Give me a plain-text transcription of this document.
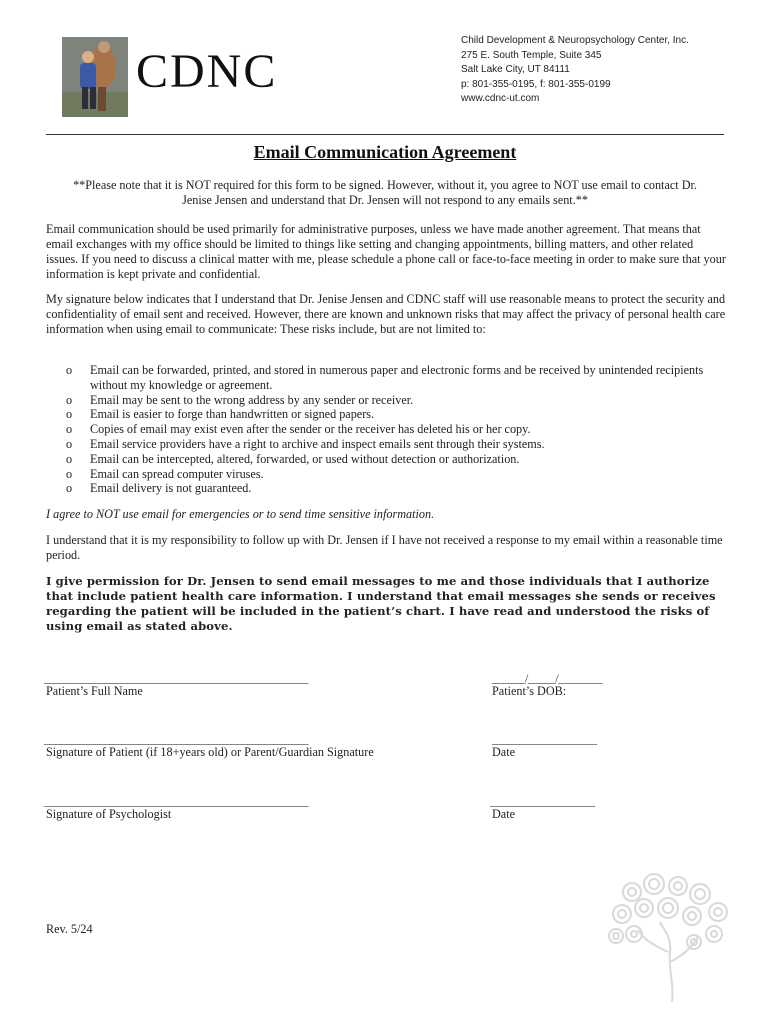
CDNC
Child Development & Neuropsychology Center, Inc.
275 E. South Temple, Suite 345
Salt Lake City, UT 84111
p: 801-355-0195, f: 801-355-0199
www.cdnc-ut.com
Email Communication Agreement
**Please note that it is NOT required for this form to be signed. However, without it, you agree to NOT use email to contact Dr. Jenise Jensen and understand that Dr. Jensen will not respond to any emails sent.**

Email communication should be used primarily for administrative purposes, unless we have made another agreement. That means that email exchanges with my office should be limited to things like setting and changing appointments, billing matters, and other related issues. If you need to discuss a clinical matter with me, please schedule a phone call or face-to-face meeting in order to make sure that your information is kept private and confidential.

My signature below indicates that I understand that Dr. Jenise Jensen and CDNC staff will use reasonable means to protect the security and confidentiality of email sent and received. However, there are known and unknown risks that may affect the privacy of personal health care information when using email to communicate: These risks include, but are not limited to:

o Email can be forwarded, printed, and stored in numerous paper and electronic forms and be received by unintended recipients without my knowledge or agreement.
o Email may be sent to the wrong address by any sender or receiver.
o Email is easier to forge than handwritten or signed papers.
o Copies of email may exist even after the sender or the receiver has deleted his or her copy.
o Email service providers have a right to archive and inspect emails sent through their systems.
o Email can be intercepted, altered, forwarded, or used without detection or authorization.
o Email can spread computer viruses.
o Email delivery is not guaranteed.

I agree to NOT use email for emergencies or to send time sensitive information.

I understand that it is my responsibility to follow up with Dr. Jensen if I have not received a response to my email within a reasonable time period.

I give permission for Dr. Jensen to send email messages to me and those individuals that I authorize that include patient health care information. I understand that email messages she sends or receives regarding the patient will be included in the patient’s chart. I have read and understood the risks of using email as stated above.

________________________________________________	______/_____/________
Patient’s Full Name	Patient’s DOB:
________________________________________________	___________________
Signature of Patient (if 18+years old) or Parent/Guardian Signature	Date
________________________________________________	___________________
Signature of Psychologist	Date
Rev. 5/24
